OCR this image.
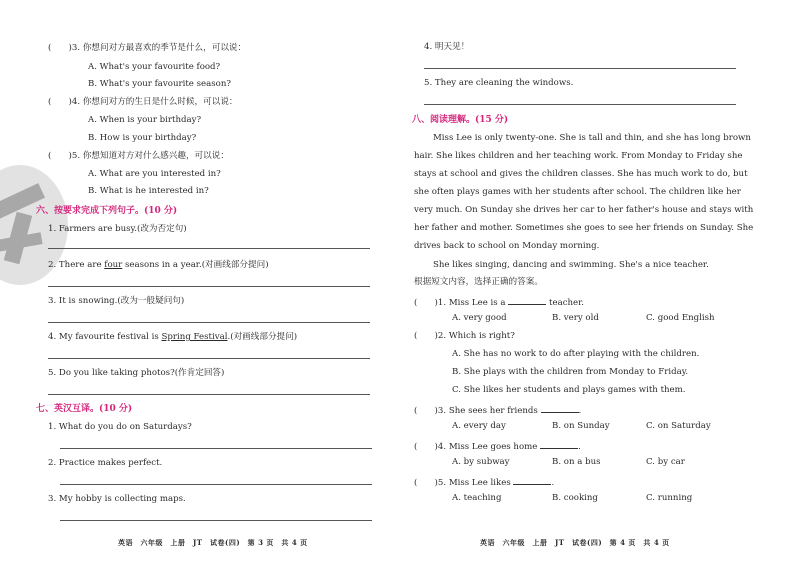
(　　)3. 你想问对方最喜欢的季节是什么，可以说：
A. What's your favourite food?
B. What's your favourite season?
(　　)4. 你想问对方的生日是什么时候，可以说：
A. When is your birthday?
B. How is your birthday?
(　　)5. 你想知道对方对什么感兴趣，可以说：
A. What are you interested in?
B. What is he interested in?
六、按要求完成下列句子。(10 分)
1. Farmers are busy.(改为否定句)
2. There are four seasons in a year.(对画线部分提问)
3. It is snowing.(改为一般疑问句)
4. My favourite festival is Spring Festival.(对画线部分提问)
5. Do you like taking photos?(作肯定回答)
七、英汉互译。(10 分)
1. What do you do on Saturdays?
2. Practice makes perfect.
3. My hobby is collecting maps.
英语　六年级　上册　JT　试卷(四)　第 3 页　共 4 页
4. 明天见！
5. They are cleaning the windows.
八、阅读理解。(15 分)
Miss Lee is only twenty-one. She is tall and thin, and she has long brown
hair. She likes children and her teaching work. From Monday to Friday she
stays at school and gives the children classes. She has much work to do, but
she often plays games with her students after school. The children like her
very much. On Sunday she drives her car to her father's house and stays with
her father and mother. Sometimes she goes to see her friends on Sunday. She
drives back to school on Monday morning.
She likes singing, dancing and swimming. She's a nice teacher.
根据短文内容，选择正确的答案。
(　　)1. Miss Lee is a	teacher.
A. very good	B. very old	C. good English
(　　)2. Which is right?
A. She has no work to do after playing with the children.
B. She plays with the children from Monday to Friday.
C. She likes her students and plays games with them.
(　　)3. She sees her friends	.
A. every day	B. on Sunday	C. on Saturday
(　　)4. Miss Lee goes home	.
A. by subway	B. on a bus	C. by car
(　　)5. Miss Lee likes	.
A. teaching	B. cooking	C. running
英语　六年级　上册　JT　试卷(四)　第 4 页　共 4 页
